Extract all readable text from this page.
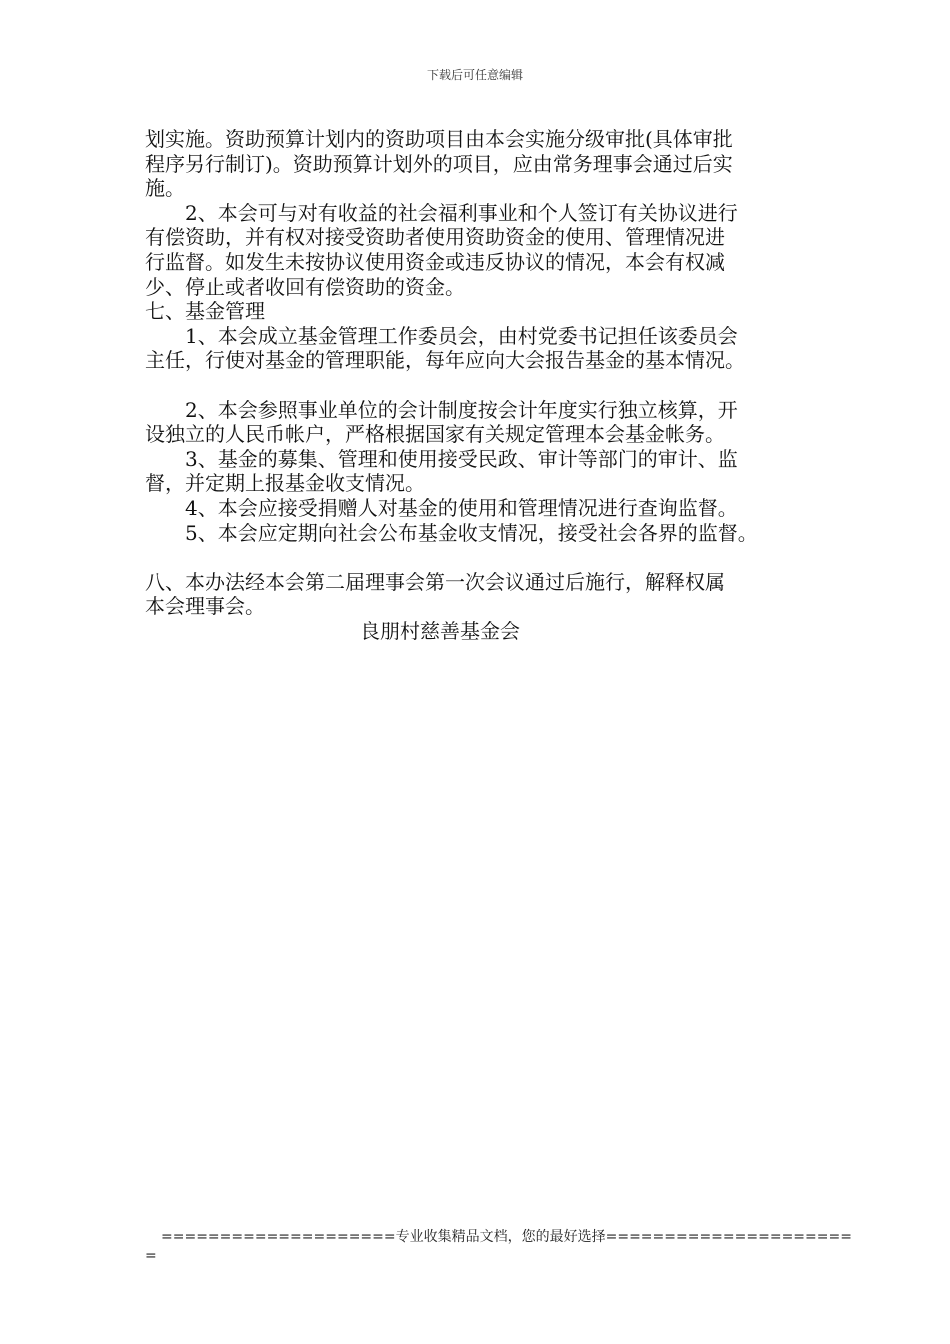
下载后可任意编辑
划实施。资助预算计划内的资助项目由本会实施分级审批(具体审批
程序另行制订)。资助预算计划外的项目，应由常务理事会通过后实
施。
　　2、本会可与对有收益的社会福利事业和个人签订有关协议进行
有偿资助，并有权对接受资助者使用资助资金的使用、管理情况进
行监督。如发生未按协议使用资金或违反协议的情况，本会有权减
少、停止或者收回有偿资助的资金。
七、基金管理
　　1、本会成立基金管理工作委员会，由村党委书记担任该委员会
主任，行使对基金的管理职能，每年应向大会报告基金的基本情况。
　　2、本会参照事业单位的会计制度按会计年度实行独立核算，开
设独立的人民币帐户，严格根据国家有关规定管理本会基金帐务。
　　3、基金的募集、管理和使用接受民政、审计等部门的审计、监
督，并定期上报基金收支情况。
　　4、本会应接受捐赠人对基金的使用和管理情况进行查询监督。
　　5、本会应定期向社会公布基金收支情况，接受社会各界的监督。
八、本办法经本会第二届理事会第一次会议通过后施行，解释权属
本会理事会。
良朋村慈善基金会
====================专业收集精品文档，您的最好选择=====================
=
